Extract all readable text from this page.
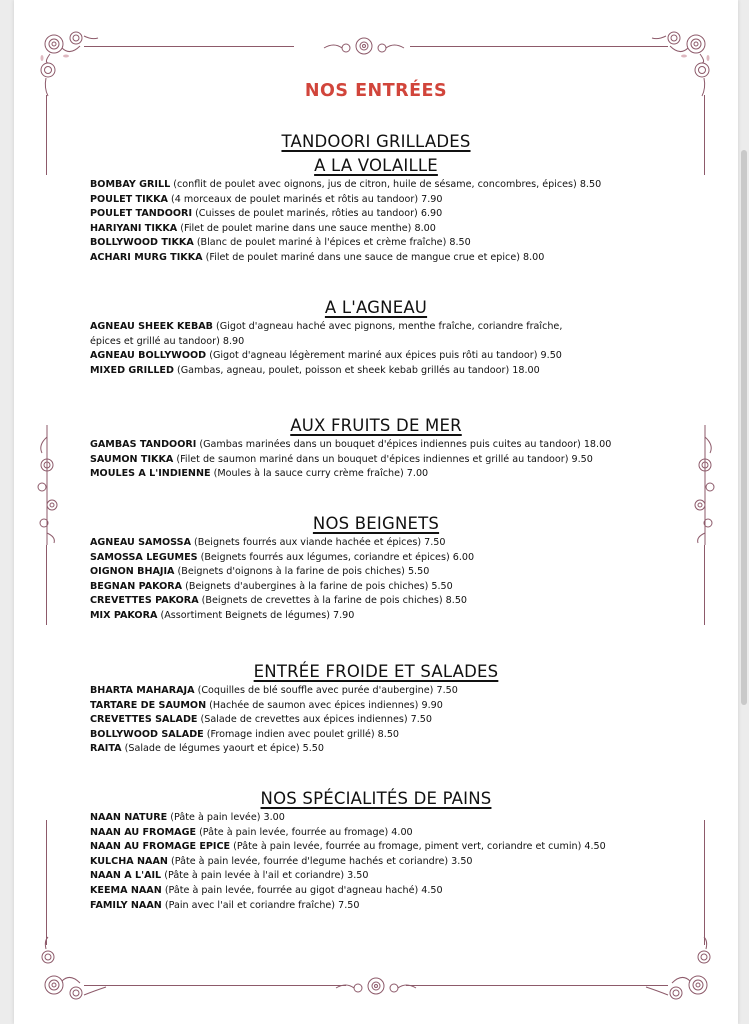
NOS ENTRÉES
TANDOORI GRILLADES
A LA VOLAILLE
BOMBAY GRILL (conflit de poulet avec oignons, jus de citron, huile de sésame, concombres, épices) 8.50
POULET TIKKA (4 morceaux de poulet marinés et rôtis au tandoor) 7.90
POULET TANDOORI (Cuisses de poulet marinés, rôties au tandoor) 6.90
HARIYANI TIKKA (Filet de poulet marine dans une sauce menthe) 8.00
BOLLYWOOD TIKKA (Blanc de poulet mariné à l'épices et crème fraîche) 8.50
ACHARI MURG TIKKA (Filet de poulet mariné dans une sauce de mangue crue et epice) 8.00
A L'AGNEAU
AGNEAU SHEEK KEBAB (Gigot d'agneau haché avec pignons, menthe fraîche, coriandre fraîche,
épices et grillé au tandoor) 8.90
AGNEAU BOLLYWOOD (Gigot d'agneau légèrement mariné aux épices puis rôti au tandoor) 9.50
MIXED GRILLED (Gambas, agneau, poulet, poisson et sheek kebab grillés au tandoor) 18.00
AUX FRUITS DE MER
GAMBAS TANDOORI (Gambas marinées dans un bouquet d'épices indiennes puis cuites au tandoor) 18.00
SAUMON TIKKA (Filet de saumon mariné dans un bouquet d'épices indiennes et grillé au tandoor) 9.50
MOULES A L'INDIENNE (Moules à la sauce curry crème fraîche) 7.00
NOS BEIGNETS
AGNEAU SAMOSSA (Beignets fourrés aux viande hachée et épices) 7.50
SAMOSSA LEGUMES (Beignets fourrés aux légumes, coriandre et épices) 6.00
OIGNON BHAJIA (Beignets d'oignons à la farine de pois chiches) 5.50
BEGNAN PAKORA (Beignets d'aubergines à la farine de pois chiches) 5.50
CREVETTES PAKORA (Beignets de crevettes à la farine de pois chiches) 8.50
MIX PAKORA (Assortiment Beignets de légumes) 7.90
ENTRÉE FROIDE ET SALADES
BHARTA MAHARAJA (Coquilles de blé souffle avec purée d'aubergine) 7.50
TARTARE DE SAUMON (Hachée de saumon avec épices indiennes) 9.90
CREVETTES SALADE (Salade de crevettes aux épices indiennes) 7.50
BOLLYWOOD SALADE (Fromage indien avec poulet grillé) 8.50
RAITA (Salade de légumes yaourt et épice) 5.50
NOS SPÉCIALITÉS DE PAINS
NAAN NATURE (Pâte à pain levée) 3.00
NAAN AU FROMAGE (Pâte à pain levée, fourrée au fromage) 4.00
NAAN AU FROMAGE EPICE (Pâte à pain levée, fourrée au fromage, piment vert, coriandre et cumin) 4.50
KULCHA NAAN (Pâte à pain levée, fourrée d'legume hachés et coriandre) 3.50
NAAN A L'AIL (Pâte à pain levée à l'ail et coriandre) 3.50
KEEMA NAAN (Pâte à pain levée, fourrée au gigot d'agneau haché) 4.50
FAMILY NAAN (Pain avec l'ail et coriandre fraîche) 7.50
